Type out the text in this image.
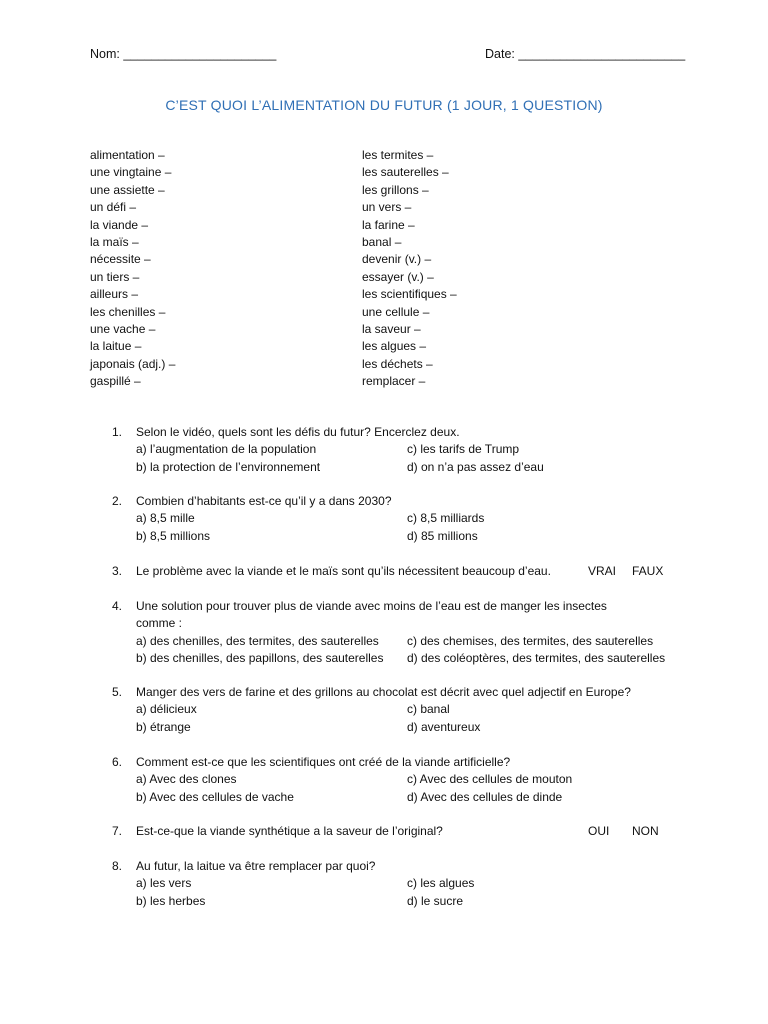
Nom: ______________________	Date: ________________________
C’EST QUOI L’ALIMENTATION DU FUTUR (1 JOUR, 1 QUESTION)
alimentation –
une vingtaine –
une assiette –
un défi –
la viande –
la maïs –
nécessite –
un tiers –
ailleurs –
les chenilles –
une vache –
la laitue –
japonais (adj.) –
gaspillé –
les termites –
les sauterelles –
les grillons –
un vers –
la farine –
banal –
devenir (v.) –
essayer (v.) –
les scientifiques –
une cellule –
la saveur –
les algues –
les déchets –
remplacer –
1. Selon le vidéo, quels sont les défis du futur? Encerclez deux.
a) l’augmentation de la population	c) les tarifs de Trump
b) la protection de l’environnement	d) on n’a pas assez d’eau
2. Combien d’habitants est-ce qu’il y a dans 2030?
a) 8,5 mille	c) 8,5 milliards
b) 8,5 millions	d) 85 millions
3. Le problème avec la viande et le maïs sont qu’ils nécessitent beaucoup d’eau.	VRAI FAUX
4. Une solution pour trouver plus de viande avec moins de l’eau est de manger les insectes
comme :
a) des chenilles, des termites, des sauterelles c) des chemises, des termites, des sauterelles
b) des chenilles, des papillons, des sauterelles d) des coléoptères, des termites, des sauterelles
5. Manger des vers de farine et des grillons au chocolat est décrit avec quel adjectif en Europe?
a) délicieux	c) banal
b) étrange	d) aventureux
6. Comment est-ce que les scientifiques ont créé de la viande artificielle?
a) Avec des clones	c) Avec des cellules de mouton
b) Avec des cellules de vache	d) Avec des cellules de dinde
7. Est-ce-que la viande synthétique a la saveur de l’original?	OUI NON
8. Au futur, la laitue va être remplacer par quoi?
a) les vers	c) les algues
b) les herbes	d) le sucre
